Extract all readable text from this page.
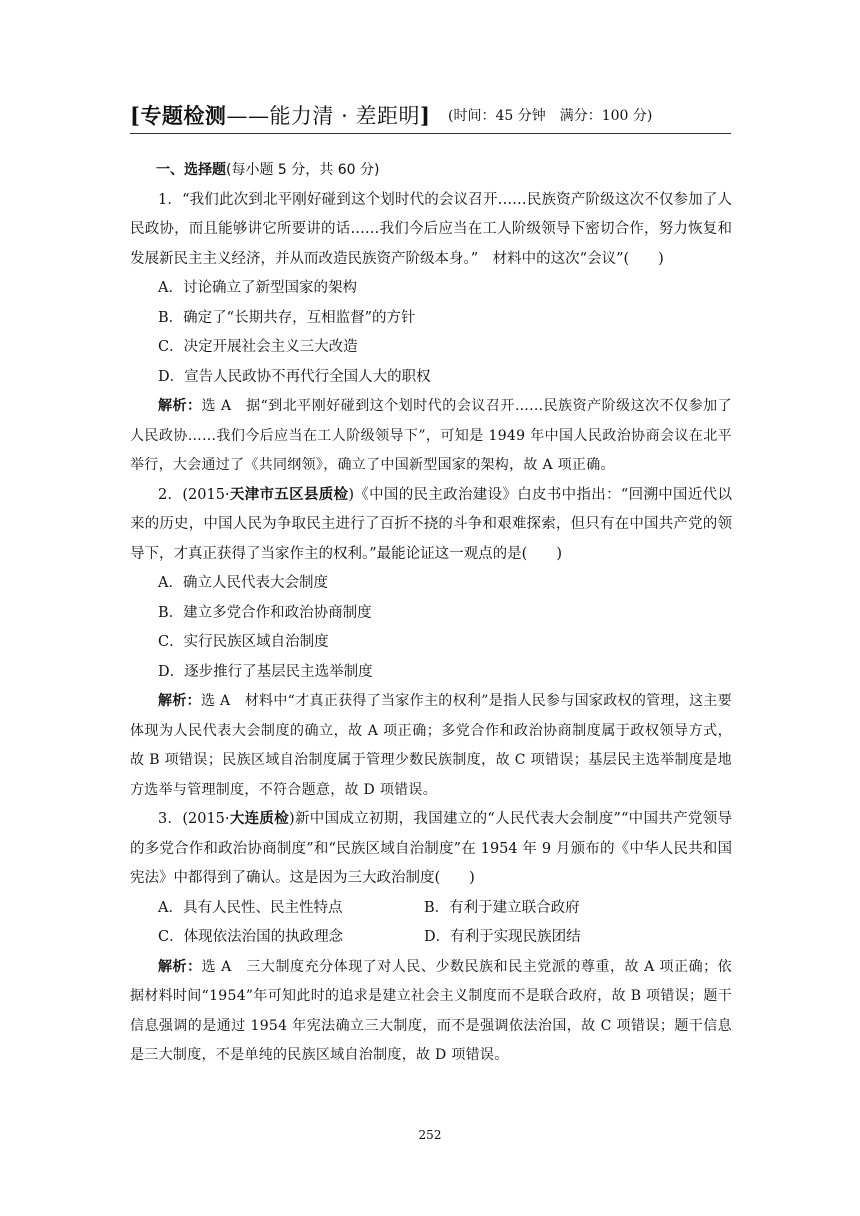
[专题检测——能力清 · 差距明] (时间：45 分钟　满分：100 分)
一、选择题(每小题 5 分，共 60 分)

1．“我们此次到北平刚好碰到这个划时代的会议召开……民族资产阶级这次不仅参加了人民政协，而且能够讲它所要讲的话……我们今后应当在工人阶级领导下密切合作，努力恢复和发展新民主主义经济，并从而改造民族资产阶级本身。”　材料中的这次“会议”(　　)

A．讨论确立了新型国家的架构
B．确定了“长期共存，互相监督”的方针
C．决定开展社会主义三大改造
D．宣告人民政协不再代行全国人大的职权

解析：选 A　据“到北平刚好碰到这个划时代的会议召开……民族资产阶级这次不仅参加了人民政协……我们今后应当在工人阶级领导下”，可知是 1949 年中国人民政治协商会议在北平举行，大会通过了《共同纲领》，确立了中国新型国家的架构，故 A 项正确。

2．(2015·天津市五区县质检)《中国的民主政治建设》白皮书中指出：“回溯中国近代以来的历史，中国人民为争取民主进行了百折不挠的斗争和艰难探索，但只有在中国共产党的领导下，才真正获得了当家作主的权利。”最能论证这一观点的是(　　)

A．确立人民代表大会制度
B．建立多党合作和政治协商制度
C．实行民族区域自治制度
D．逐步推行了基层民主选举制度

解析：选 A　材料中“才真正获得了当家作主的权利”是指人民参与国家政权的管理，这主要体现为人民代表大会制度的确立，故 A 项正确；多党合作和政治协商制度属于政权领导方式，故 B 项错误；民族区域自治制度属于管理少数民族制度，故 C 项错误；基层民主选举制度是地方选举与管理制度，不符合题意，故 D 项错误。

3．(2015·大连质检)新中国成立初期，我国建立的“人民代表大会制度”“中国共产党领导的多党合作和政治协商制度”和“民族区域自治制度”在 1954 年 9 月颁布的《中华人民共和国宪法》中都得到了确认。这是因为三大政治制度(　　)

A．具有人民性、民主性特点	B．有利于建立联合政府
C．体现依法治国的执政理念	D．有利于实现民族团结

解析：选 A　三大制度充分体现了对人民、少数民族和民主党派的尊重，故 A 项正确；依据材料时间“1954”年可知此时的追求是建立社会主义制度而不是联合政府，故 B 项错误；题干信息强调的是通过 1954 年宪法确立三大制度，而不是强调依法治国，故 C 项错误；题干信息是三大制度，不是单纯的民族区域自治制度，故 D 项错误。

252
